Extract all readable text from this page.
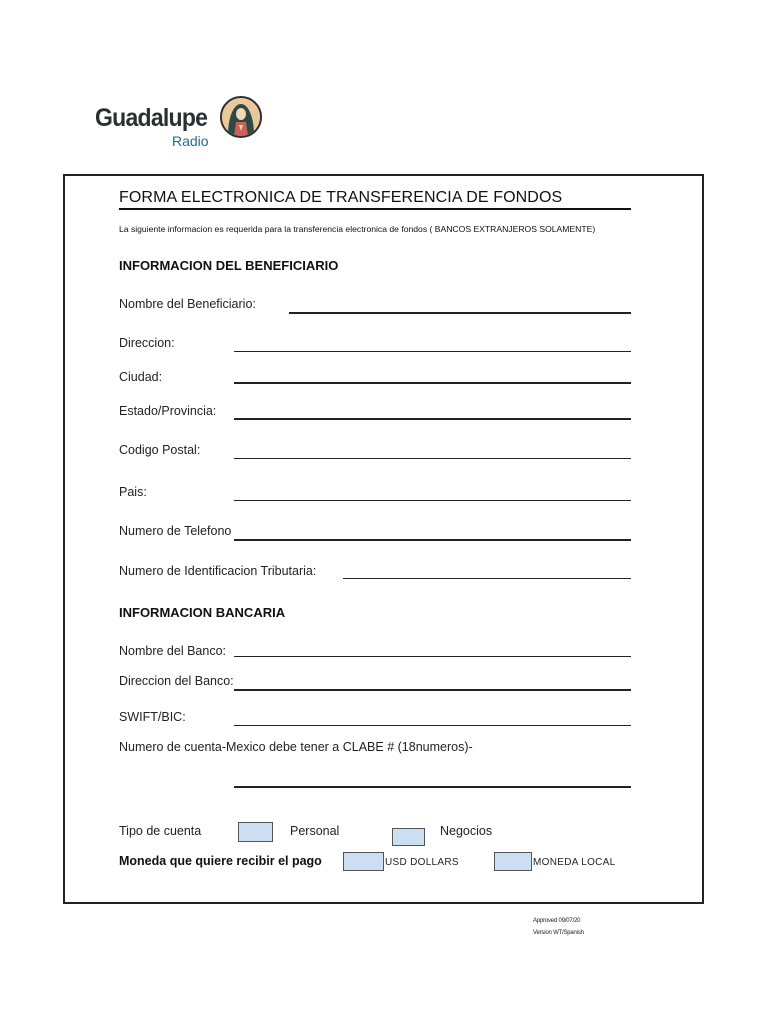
Guadalupe
Radio
FORMA ELECTRONICA DE TRANSFERENCIA DE FONDOS
La siguiente informacion es requerida para la transferencia electronica de fondos ( BANCOS EXTRANJEROS SOLAMENTE)
INFORMACION DEL BENEFICIARIO
Nombre del Beneficiario:
Direccion:
Ciudad:
Estado/Provincia:
Codigo Postal:
Pais:
Numero de Telefono
Numero de Identificacion Tributaria:
INFORMACION BANCARIA
Nombre del Banco:
Direccion del Banco:
SWIFT/BIC:
Numero de cuenta-Mexico debe tener a CLABE # (18numeros)-
Tipo de cuenta	Personal	Negocios
Moneda que quiere recibir el pago	USD DOLLARS	MONEDA LOCAL
Approved 09/07/20
Version WT/Spanish
